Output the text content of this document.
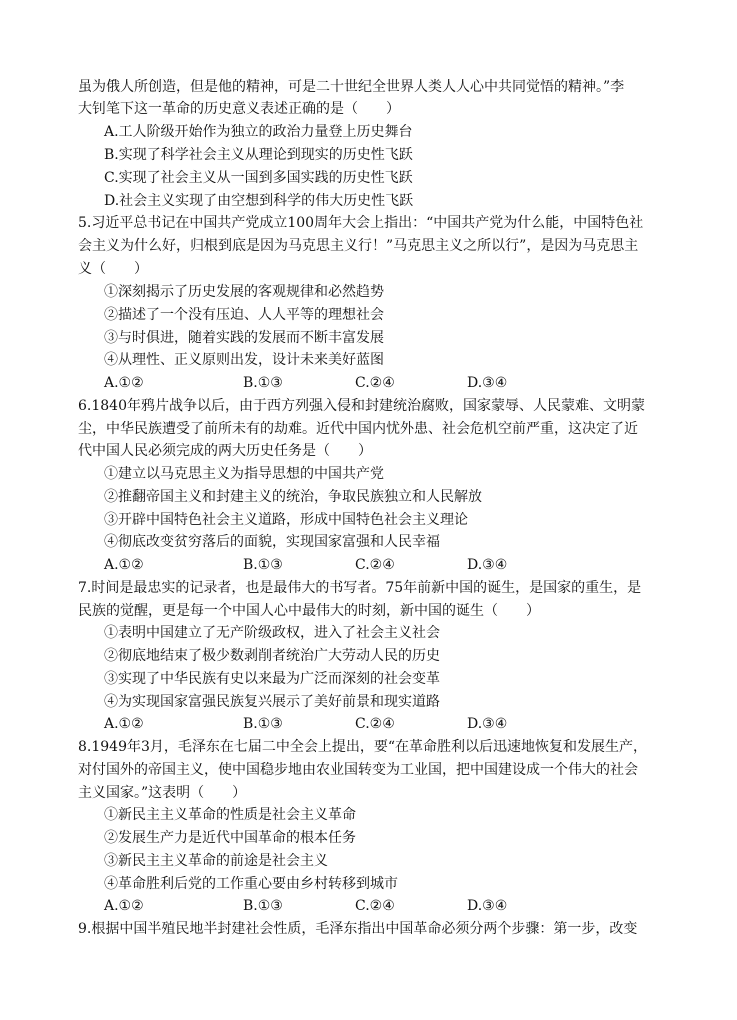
虽为俄人所创造，但是他的精神，可是二十世纪全世界人类人人心中共同觉悟的精神。”李
大钊笔下这一革命的历史意义表述正确的是（　　）
A.工人阶级开始作为独立的政治力量登上历史舞台
B.实现了科学社会主义从理论到现实的历史性飞跃
C.实现了社会主义从一国到多国实践的历史性飞跃
D.社会主义实现了由空想到科学的伟大历史性飞跃
5.习近平总书记在中国共产党成立100周年大会上指出：“中国共产党为什么能，中国特色社
会主义为什么好，归根到底是因为马克思主义行！”马克思主义之所以行”，是因为马克思主
义（　　）
①深刻揭示了历史发展的客观规律和必然趋势
②描述了一个没有压迫、人人平等的理想社会
③与时俱进，随着实践的发展而不断丰富发展
④从理性、正义原则出发，设计未来美好蓝图
A.①②	B.①③	C.②④	D.③④
6.1840年鸦片战争以后，由于西方列强入侵和封建统治腐败，国家蒙辱、人民蒙难、文明蒙
尘，中华民族遭受了前所未有的劫难。近代中国内忧外患、社会危机空前严重，这决定了近
代中国人民必须完成的两大历史任务是（　　）
①建立以马克思主义为指导思想的中国共产党
②推翻帝国主义和封建主义的统治，争取民族独立和人民解放
③开辟中国特色社会主义道路，形成中国特色社会主义理论
④彻底改变贫穷落后的面貌，实现国家富强和人民幸福
A.①②	B.①③	C.②④	D.③④
7.时间是最忠实的记录者，也是最伟大的书写者。75年前新中国的诞生，是国家的重生，是
民族的觉醒，更是每一个中国人心中最伟大的时刻，新中国的诞生（　　）
①表明中国建立了无产阶级政权，进入了社会主义社会
②彻底地结束了极少数剥削者统治广大劳动人民的历史
③实现了中华民族有史以来最为广泛而深刻的社会变革
④为实现国家富强民族复兴展示了美好前景和现实道路
A.①②	B.①③	C.②④	D.③④
8.1949年3月，毛泽东在七届二中全会上提出，要“在革命胜利以后迅速地恢复和发展生产，
对付国外的帝国主义，使中国稳步地由农业国转变为工业国，把中国建设成一个伟大的社会
主义国家。”这表明（　　）
①新民主主义革命的性质是社会主义革命
②发展生产力是近代中国革命的根本任务
③新民主主义革命的前途是社会主义
④革命胜利后党的工作重心要由乡村转移到城市
A.①②	B.①③	C.②④	D.③④
9.根据中国半殖民地半封建社会性质，毛泽东指出中国革命必须分两个步骤：第一步，改变
